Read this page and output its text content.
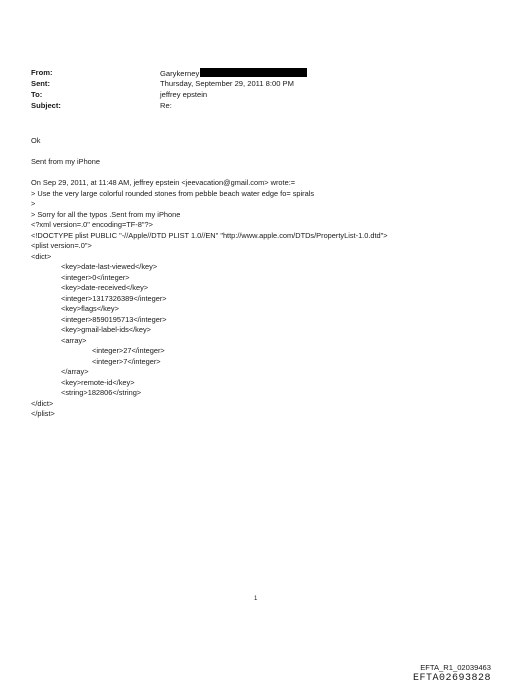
From:	Garykerney
Sent:	Thursday, September 29, 2011 8:00 PM
To:	jeffrey epstein
Subject:	Re:
Ok
Sent from my iPhone
On Sep 29, 2011, at 11:48 AM, jeffrey epstein <jeevacation@gmail.com> wrote:=
> Use the very large colorful rounded stones from pebble beach water edge fo= spirals
>
> Sorry for all the typos .Sent from my iPhone
<?xml version=.0" encoding=TF-8"?>
<!DOCTYPE plist PUBLIC "-//Apple//DTD PLIST 1.0//EN" "http://www.apple.com/DTDs/PropertyList-1.0.dtd">
<plist version=.0">
<dict>
<key>date-last-viewed</key>
<integer>0</integer>
<key>date-received</key>
<integer>1317326389</integer>
<key>flags</key>
<integer>8590195713</integer>
<key>gmail-label-ids</key>
<array>
<integer>27</integer>
<integer>7</integer>
</array>
<key>remote-id</key>
<string>182806</string>
</dict>
</plist>
1
EFTA_R1_02039463
EFTA02693828
